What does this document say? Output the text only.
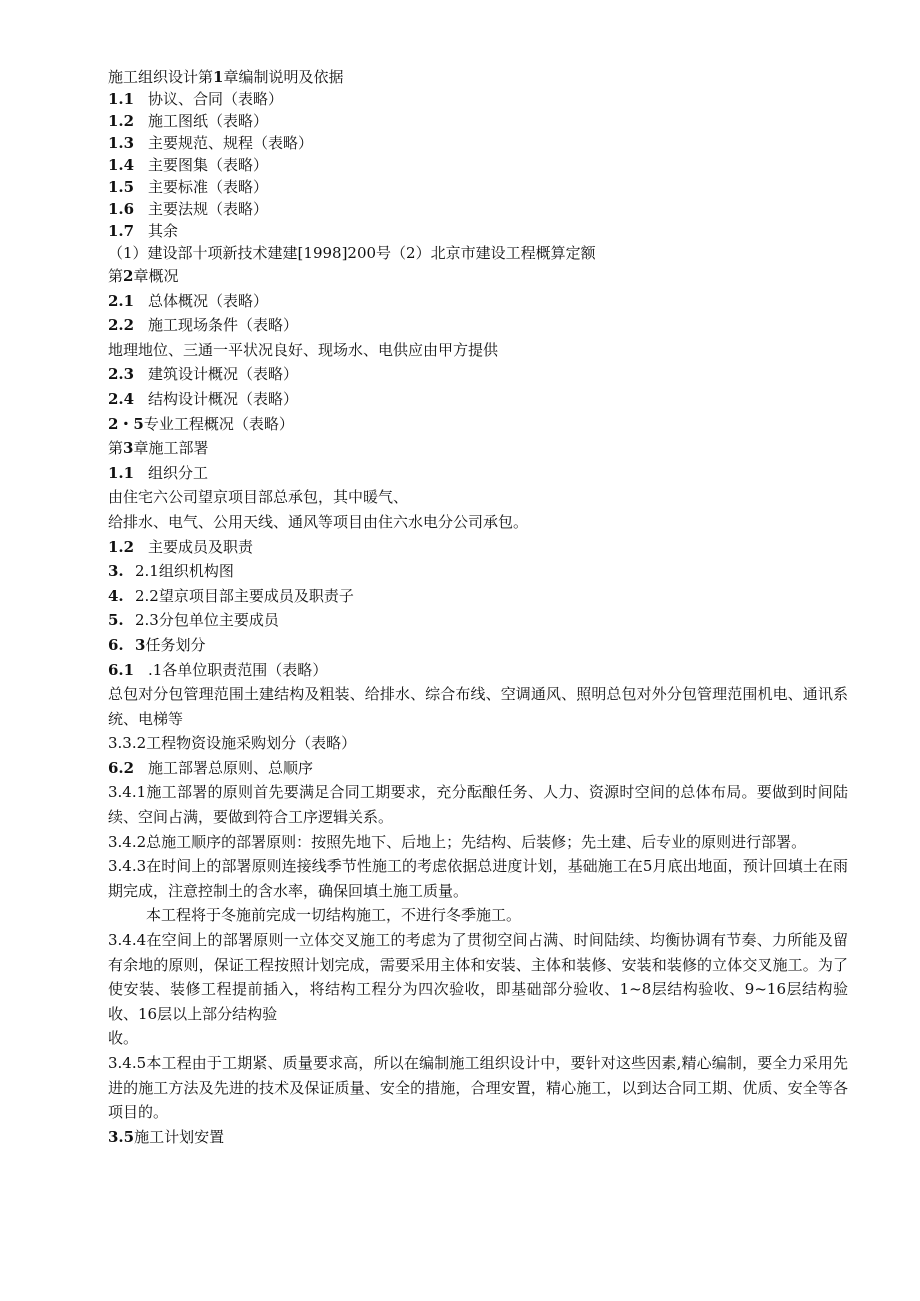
施工组织设计第1章编制说明及依据
1.1 协议、合同（表略）
1.2 施工图纸（表略）
1.3 主要规范、规程（表略）
1.4 主要图集（表略）
1.5 主要标准（表略）
1.6 主要法规（表略）
1.7 其余
（1）建设部十项新技术建建[1998]200号（2）北京市建设工程概算定额
第2章概况
2.1 总体概况（表略）
2.2 施工现场条件（表略）
地理地位、三通一平状况良好、现场水、电供应由甲方提供
2.3 建筑设计概况（表略）
2.4 结构设计概况（表略）
2・5专业工程概况（表略）
第3章施工部署
1.1 组织分工
由住宅六公司望京项目部总承包，其中暖气、
给排水、电气、公用天线、通风等项目由住六水电分公司承包。
1.2 主要成员及职责
3. 2.1组织机构图
4. 2.2望京项目部主要成员及职责子
5. 2.3分包单位主要成员
6. 3任务划分
6.1 .1各单位职责范围（表略）
总包对分包管理范围土建结构及粗装、给排水、综合布线、空调通风、照明总包对外分包管理范围机电、通讯系统、电梯等
3.3.2工程物资设施采购划分（表略）
6.2 施工部署总原则、总顺序
3.4.1施工部署的原则首先要满足合同工期要求，充分酝酿任务、人力、资源时空间的总体布局。要做到时间陆续、空间占满，要做到符合工序逻辑关系。
3.4.2总施工顺序的部署原则：按照先地下、后地上；先结构、后装修；先土建、后专业的原则进行部署。
3.4.3在时间上的部署原则连接线季节性施工的考虑依据总进度计划，基础施工在5月底出地面，预计回填土在雨期完成，注意控制土的含水率，确保回填土施工质量。
本工程将于冬施前完成一切结构施工，不进行冬季施工。
3.4.4在空间上的部署原则一立体交叉施工的考虑为了贯彻空间占满、时间陆续、均衡协调有节奏、力所能及留有余地的原则，保证工程按照计划完成，需要采用主体和安装、主体和装修、安装和装修的立体交叉施工。为了使安装、装修工程提前插入，将结构工程分为四次验收，即基础部分验收、1~8层结构验收、9~16层结构验收、16层以上部分结构验
收。
3.4.5本工程由于工期紧、质量要求高，所以在编制施工组织设计中，要针对这些因素,精心编制，要全力采用先进的施工方法及先进的技术及保证质量、安全的措施，合理安置，精心施工，以到达合同工期、优质、安全等各项目的。
3.5施工计划安置
